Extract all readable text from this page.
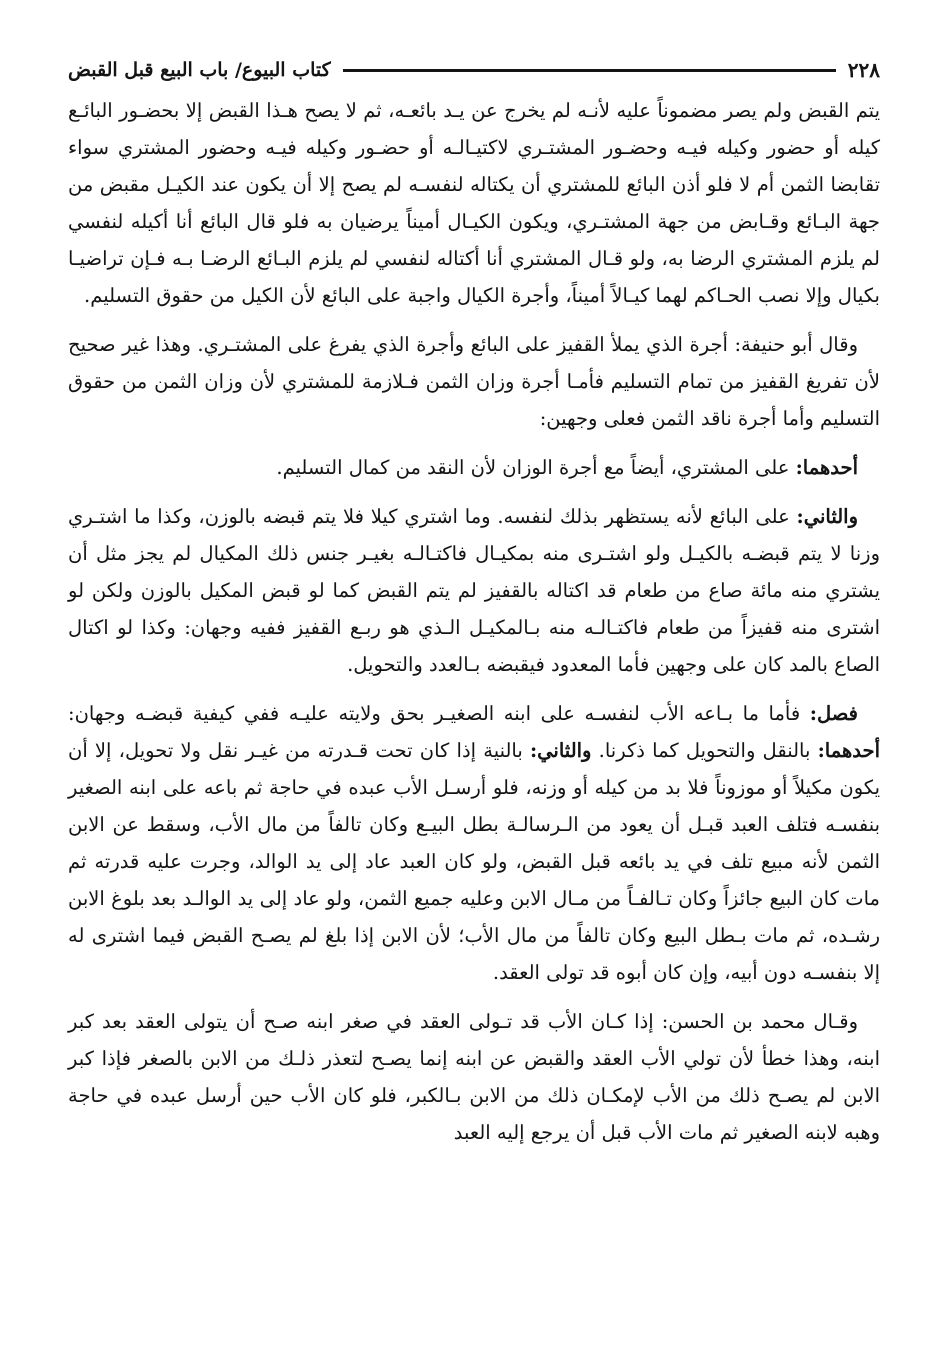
كتاب البيوع/ باب البيع قبل القبض	٢٢٨

يتم القبض ولم يصر مضموناً عليه لأنـه لم يخرج عن يـد بائعـه، ثم لا يصح هـذا القبض إلا بحضـور البائـع كيله أو حضور وكيله فيـه وحضـور المشتـري لاكتيـالـه أو حضـور وكيله فيـه وحضور المشتري سواء تقابضا الثمن أم لا فلو أذن البائع للمشتري أن يكتاله لنفسـه لم يصح إلا أن يكون عند الكيـل مقبض من جهة البـائع وقـابض من جهة المشتـري، ويكون الكيـال أميناً يرضيان به فلو قال البائع أنا أكيله لنفسي لم يلزم المشتري الرضا به، ولو قـال المشتري أنا أكتاله لنفسي لم يلزم البـائع الرضـا بـه فـإن تراضيـا بكيال وإلا نصب الحـاكم لهما كيـالاً أميناً، وأجرة الكيال واجبة على البائع لأن الكيل من حقوق التسليم.

وقال أبو حنيفة: أجرة الذي يملأ القفيز على البائع وأجرة الذي يفرغ على المشتـري. وهذا غير صحيح لأن تفريغ القفيز من تمام التسليم فأمـا أجرة وزان الثمن فـلازمة للمشتري لأن وزان الثمن من حقوق التسليم وأما أجرة ناقد الثمن فعلى وجهين:

أحدهما: على المشتري، أيضاً مع أجرة الوزان لأن النقد من كمال التسليم.

والثاني: على البائع لأنه يستظهر بذلك لنفسه. وما اشتري كيلا فلا يتم قبضه بالوزن، وكذا ما اشتـري وزنا لا يتم قبضـه بالكيـل ولو اشتـرى منه بمكيـال فاكتـالـه بغيـر جنس ذلك المكيال لم يجز مثل أن يشتري منه مائة صاع من طعام قد اكتاله بالقفيز لم يتم القبض كما لو قبض المكيل بالوزن ولكن لو اشترى منه قفيزاً من طعام فاكتـالـه منه بـالمكيـل الـذي هو ربـع القفيز ففيه وجهان: وكذا لو اكتال الصاع بالمد كان على وجهين فأما المعدود فيقبضه بـالعدد والتحويل.

فصل: فأما ما بـاعه الأب لنفسـه على ابنه الصغيـر بحق ولايته عليـه ففي كيفية قبضـه وجهان: أحدهما: بالنقل والتحويل كما ذكرنا. والثاني: بالنية إذا كان تحت قـدرته من غيـر نقل ولا تحويل، إلا أن يكون مكيلاً أو موزوناً فلا بد من كيله أو وزنه، فلو أرسـل الأب عبده في حاجة ثم باعه على ابنه الصغير بنفسـه فتلف العبد قبـل أن يعود من الـرسالـة بطل البيـع وكان تالفاً من مال الأب، وسقط عن الابن الثمن لأنه مبيع تلف في يد بائعه قبل القبض، ولو كان العبد عاد إلى يد الوالد، وجرت عليه قدرته ثم مات كان البيع جائزاً وكان تـالفـاً من مـال الابن وعليه جميع الثمن، ولو عاد إلى يد الوالـد بعد بلوغ الابن رشـده، ثم مات بـطل البيع وكان تالفاً من مال الأب؛ لأن الابن إذا بلغ لم يصـح القبض فيما اشترى له إلا بنفسـه دون أبيه، وإن كان أبوه قد تولى العقد.

وقـال محمد بن الحسن: إذا كـان الأب قد تـولى العقد في صغر ابنه صـح أن يتولى العقد بعد كبر ابنه، وهذا خطأ لأن تولي الأب العقد والقبض عن ابنه إنما يصـح لتعذر ذلـك من الابن بالصغر فإذا كبر الابن لم يصـح ذلك من الأب لإمكـان ذلك من الابن بـالكبر، فلو كان الأب حين أرسل عبده في حاجة وهبه لابنه الصغير ثم مات الأب قبل أن يرجع إليه العبد
